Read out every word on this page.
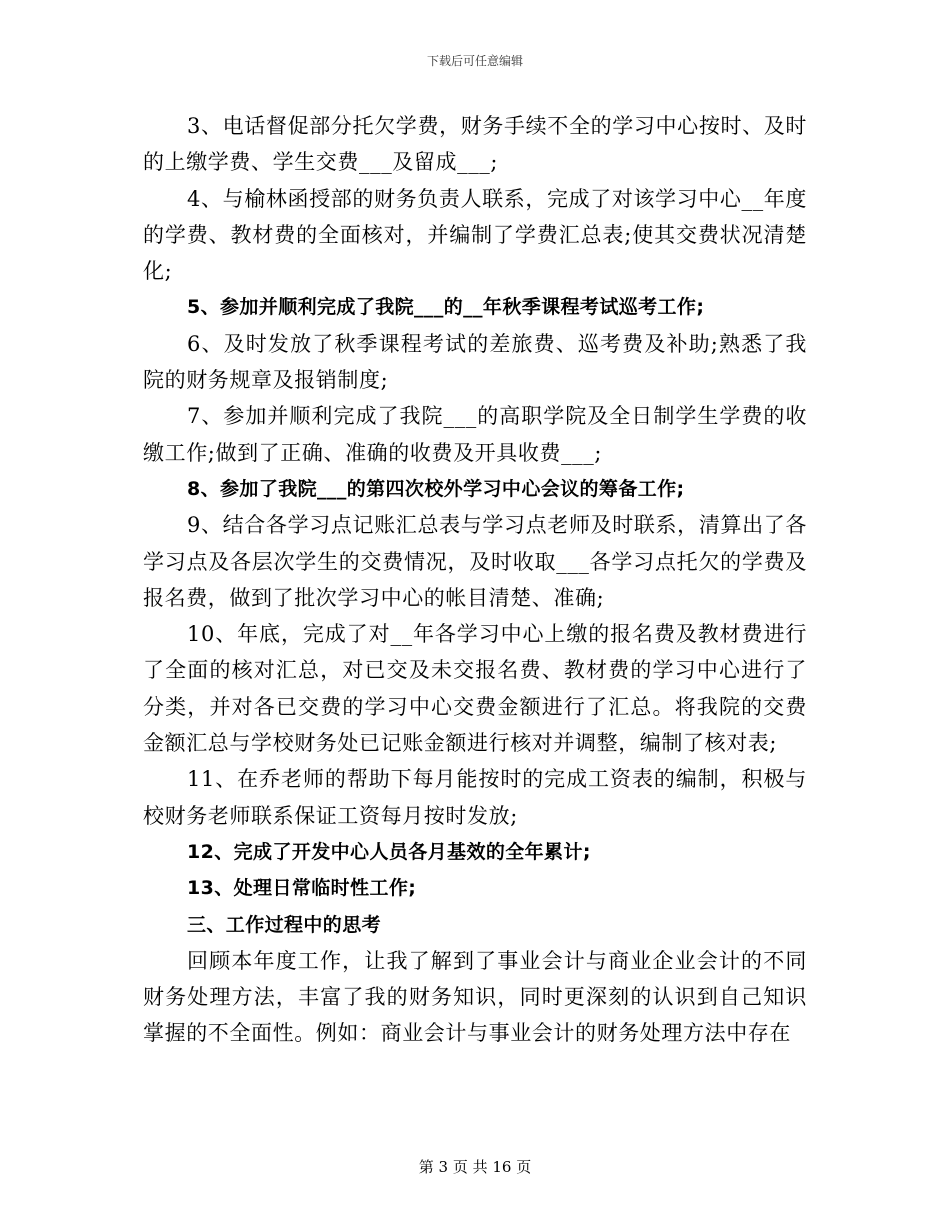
下载后可任意编辑

3、电话督促部分托欠学费，财务手续不全的学习中心按时、及时的上缴学费、学生交费___及留成___;

4、与榆林函授部的财务负责人联系，完成了对该学习中心__年度的学费、教材费的全面核对，并编制了学费汇总表;使其交费状况清楚化;

5、参加并顺利完成了我院___的__年秋季课程考试巡考工作;

6、及时发放了秋季课程考试的差旅费、巡考费及补助;熟悉了我院的财务规章及报销制度;

7、参加并顺利完成了我院___的高职学院及全日制学生学费的收缴工作;做到了正确、准确的收费及开具收费___;

8、参加了我院___的第四次校外学习中心会议的筹备工作;

9、结合各学习点记账汇总表与学习点老师及时联系，清算出了各学习点及各层次学生的交费情况，及时收取___各学习点托欠的学费及报名费，做到了批次学习中心的帐目清楚、准确;

10、年底，完成了对__年各学习中心上缴的报名费及教材费进行了全面的核对汇总，对已交及未交报名费、教材费的学习中心进行了分类，并对各已交费的学习中心交费金额进行了汇总。将我院的交费金额汇总与学校财务处已记账金额进行核对并调整，编制了核对表;

11、在乔老师的帮助下每月能按时的完成工资表的编制，积极与校财务老师联系保证工资每月按时发放;

12、完成了开发中心人员各月基效的全年累计;

13、处理日常临时性工作;

三、工作过程中的思考

回顾本年度工作，让我了解到了事业会计与商业企业会计的不同财务处理方法，丰富了我的财务知识，同时更深刻的认识到自己知识掌握的不全面性。例如：商业会计与事业会计的财务处理方法中存在

第 3 页 共 16 页
